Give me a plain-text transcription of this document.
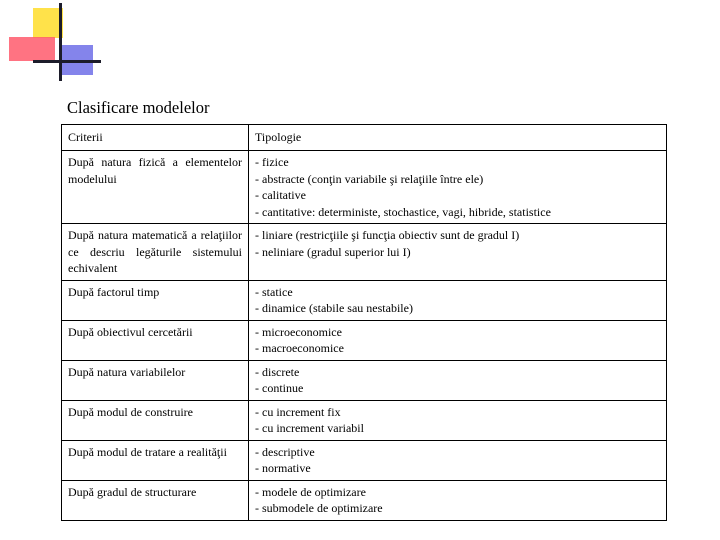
Clasificare modelelor
Criterii	Tipologie
După natura fizică a elementelor modelului	- fizice
- abstracte (conţin variabile şi relaţiile între ele)
- calitative
- cantitative: deterministe, stochastice, vagi, hibride, statistice

După natura matematică a relaţiilor ce descriu legăturile sistemului echivalent	- liniare (restricţiile şi funcţia obiectiv sunt de gradul I)
- neliniare (gradul superior lui I)

După factorul timp	- statice
- dinamice (stabile sau nestabile)

După obiectivul cercetării	- microeconomice
- macroeconomice

După natura variabilelor	- discrete
- continue

După modul de construire	- cu increment fix
- cu increment variabil

După modul de tratare a realităţii	- descriptive
- normative

După gradul de structurare	- modele de optimizare
- submodele de optimizare
